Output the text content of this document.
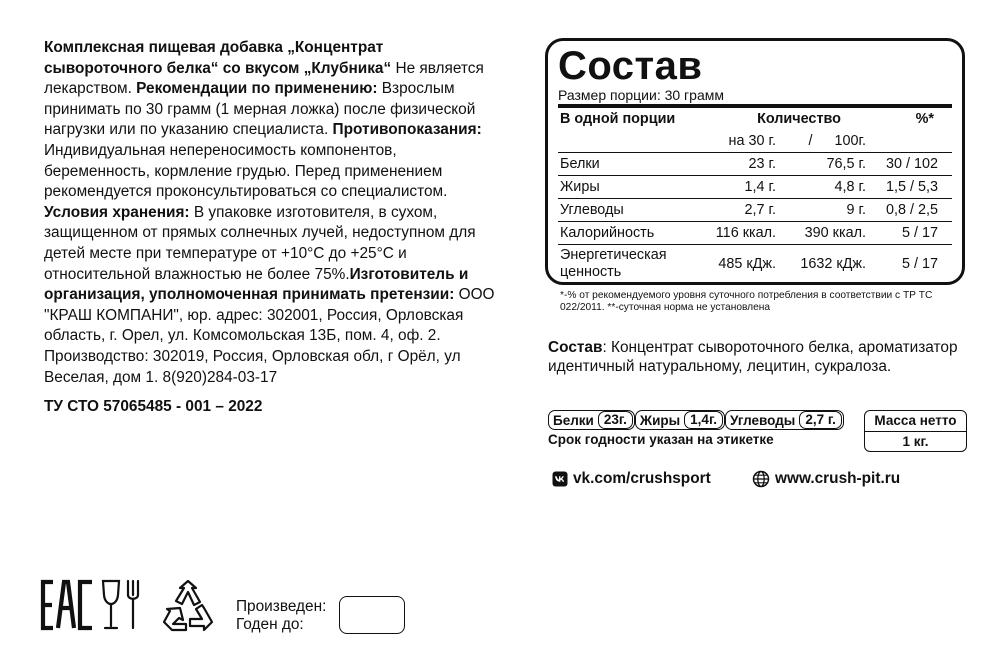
Комплексная пищевая добавка „Концентрат сывороточного белка“ со вкусом „Клубника“ Не является лекарством. Рекомендации по применению: Взрослым принимать по 30 грамм (1 мерная ложка) после физической нагрузки или по указанию специалиста. Противопоказания: Индивидуальная непереносимость компонентов, беременность, кормление грудью. Перед применением рекомендуется проконсультироваться со специалистом. Условия хранения: В упаковке изготовителя, в сухом, защищенном от прямых солнечных лучей, недоступном для детей месте при температуре от +10°С до +25°С и относительной влажностью не более 75%.Изготовитель и организация, уполномоченная принимать претензии: ООО "КРАШ КОМПАНИ", юр. адрес: 302001, Россия, Орловская область, г. Орел, ул. Комсомольская 13Б, пом. 4, оф. 2. Производство: 302019, Россия, Орловская обл, г Орёл, ул Веселая, дом 1. 8(920)284-03-17
ТУ СТО 57065485 - 001 – 2022
Состав
Размер порции: 30 грамм
В одной порции	Количество		%*
	на 30 г.	/ 100г.	
Белки	23 г.	76,5 г.	30 / 102
Жиры	1,4 г.	4,8 г.	1,5 / 5,3
Углеводы	2,7 г.	9 г.	0,8 / 2,5
Калорийность	116 ккал.	390 ккал.	5 / 17
Энергетическая ценность	485 кДж.	1632 кДж.	5 / 17
*-% от рекомендуемого уровня суточного потребления в соответствии с ТР ТС 022/2011. **-суточная норма не установлена
Состав: Концентрат сывороточного белка, ароматизатор идентичный натуральному, лецитин, сукралоза.
Белки 23г. Жиры 1,4г. Углеводы 2,7 г.
Срок годности указан на этикетке
Масса нетто
1 кг.
vk.com/crushsport	www.crush-pit.ru
Произведен:
Годен до:
